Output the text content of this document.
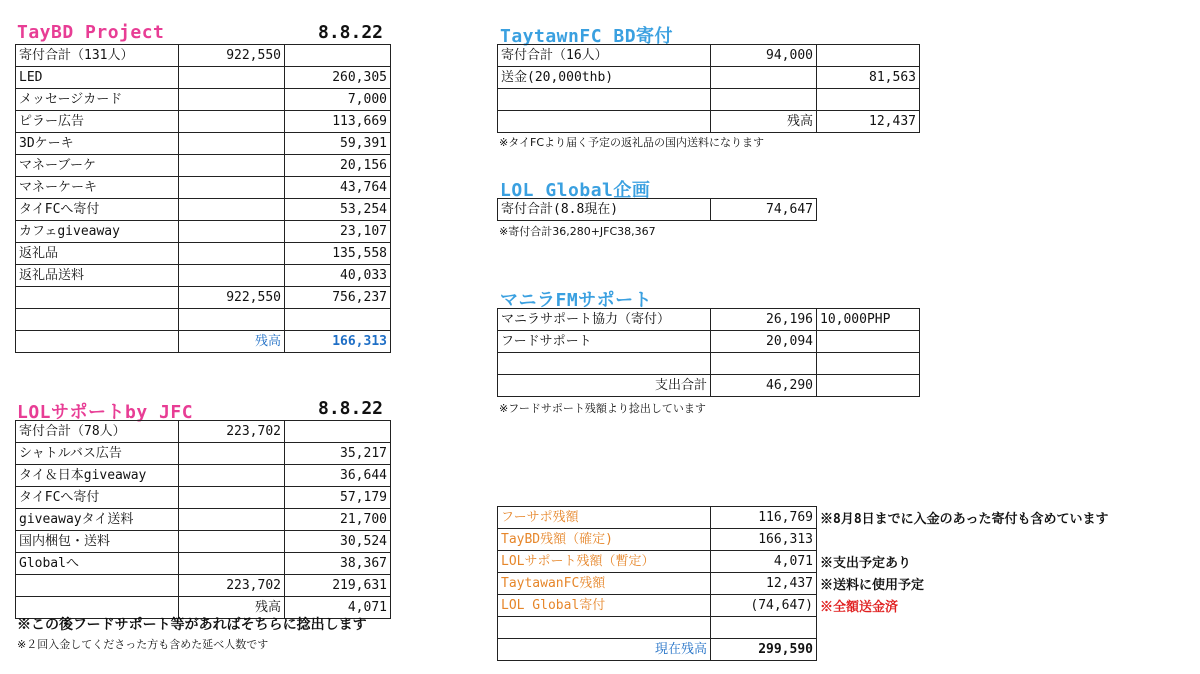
TayBD Project	8.8.22
寄付合計（131人）	922,550	
LED		260,305
メッセージカード		7,000
ピラー広告		113,669
3Dケーキ		59,391
マネーブーケ		20,156
マネーケーキ		43,764
タイFCへ寄付		53,254
カフェgiveaway		23,107
返礼品		135,558
返礼品送料		40,033
	922,550	756,237

	残高	166,313
LOLサポートby JFC	8.8.22
寄付合計（78人）	223,702	
シャトルバス広告		35,217
タイ＆日本giveaway		36,644
タイFCへ寄付		57,179
giveawayタイ送料		21,700
国内梱包・送料		30,524
Globalへ		38,367
	223,702	219,631
	残高	4,071
※この後フードサポート等があればそちらに捻出します
※２回入金してくださった方も含めた延べ人数です
TaytawnFC BD寄付
寄付合計（16人）	94,000	
送金(20,000thb)		81,563

	残高	12,437
※タイFCより届く予定の返礼品の国内送料になります
LOL Global企画
寄付合計(8.8現在)	74,647
※寄付合計36,280+JFC38,367
マニラFMサポート
マニラサポート協力（寄付）	26,196	10,000PHP
フードサポート	20,094	

支出合計	46,290	
※フードサポート残額より捻出しています
フーサポ残額	116,769
TayBD残額（確定)	166,313
LOLサポート残額（暫定）	4,071
TaytawanFC残額	12,437
LOL Global寄付	(74,647)

現在残高	299,590
※8月8日までに入金のあった寄付も含めています
※支出予定あり
※送料に使用予定
※全額送金済
